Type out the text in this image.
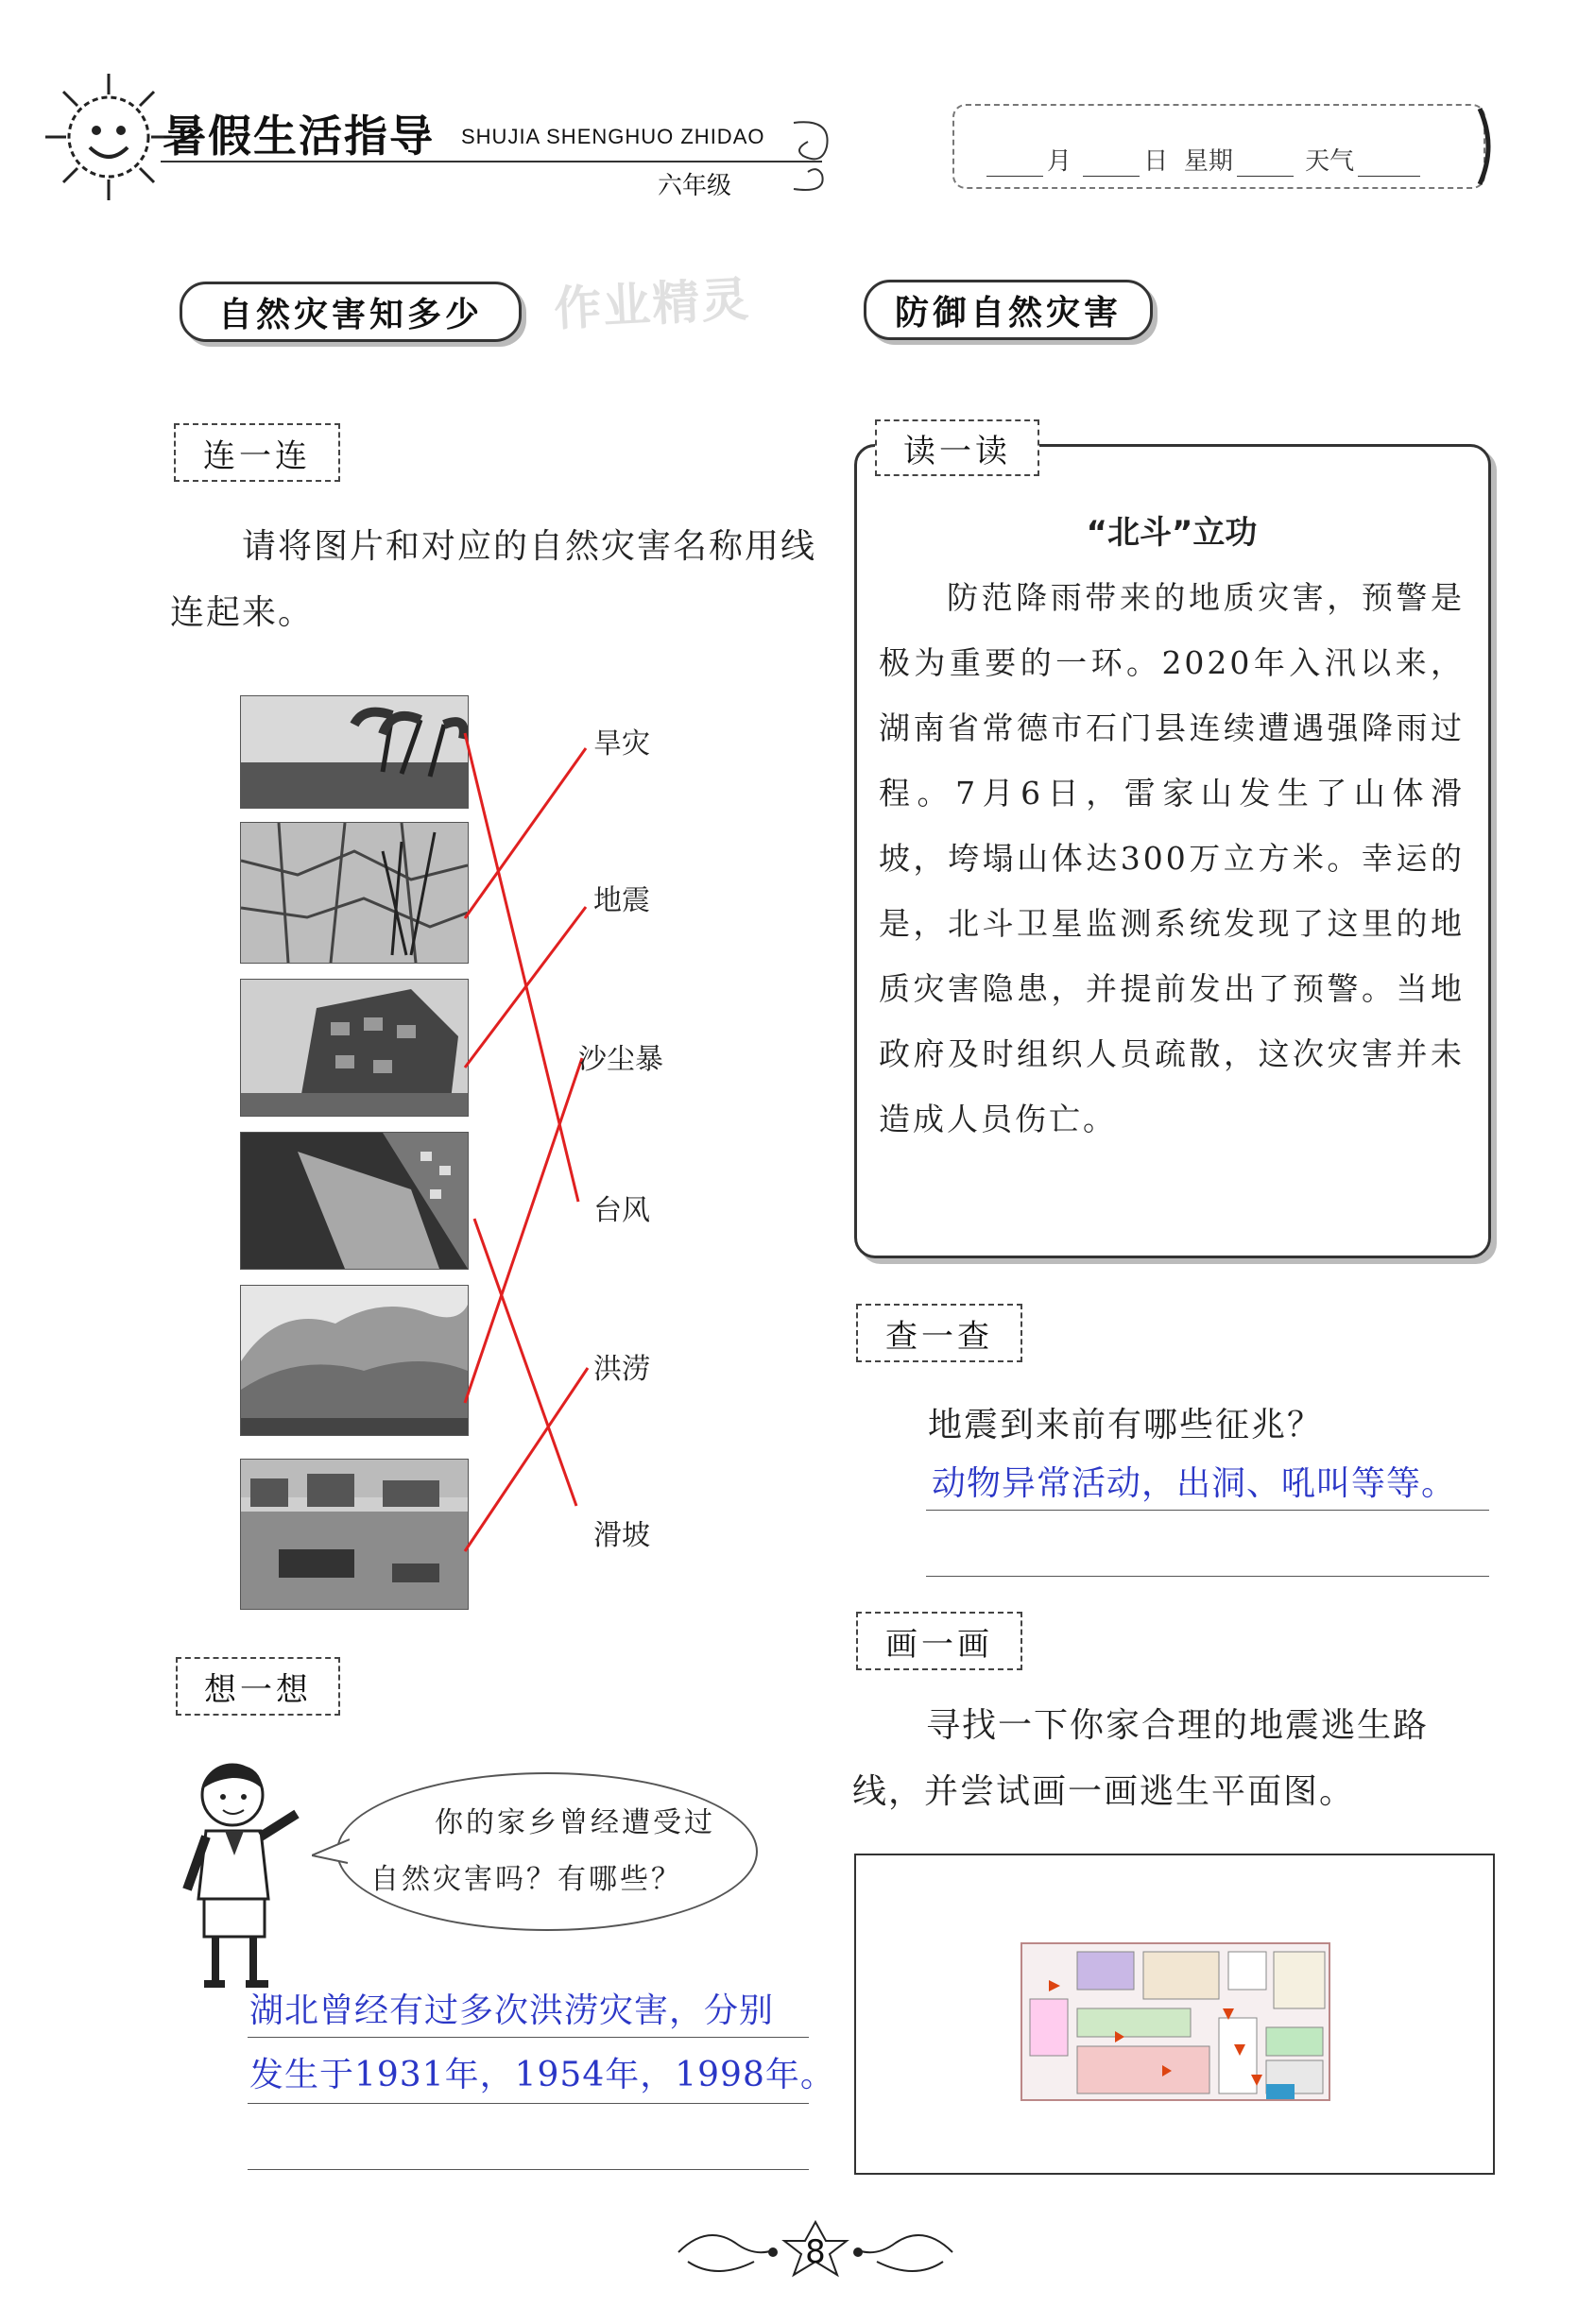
暑假生活指导 SHUJIA SHENGHUO ZHIDAO
六年级
月	日 星期	天气
自然灾害知多少	作业精灵
连一连
请将图片和对应的自然灾害名称用线连起来。
旱灾
地震
沙尘暴
台风
洪涝
滑坡
想一想
你的家乡曾经遭受过自然灾害吗？有哪些？
湖北曾经有过多次洪涝灾害，分别
发生于1931年，1954年，1998年。
防御自然灾害
读一读
“北斗”立功
防范降雨带来的地质灾害，预警是极为重要的一环。2020年入汛以来，湖南省常德市石门县连续遭遇强降雨过程。7月6日，雷家山发生了山体滑坡，垮塌山体达300万立方米。幸运的是，北斗卫星监测系统发现了这里的地质灾害隐患，并提前发出了预警。当地政府及时组织人员疏散，这次灾害并未造成人员伤亡。
查一查
地震到来前有哪些征兆？
动物异常活动，出洞、吼叫等等。
画一画
寻找一下你家合理的地震逃生路线，并尝试画一画逃生平面图。
8
